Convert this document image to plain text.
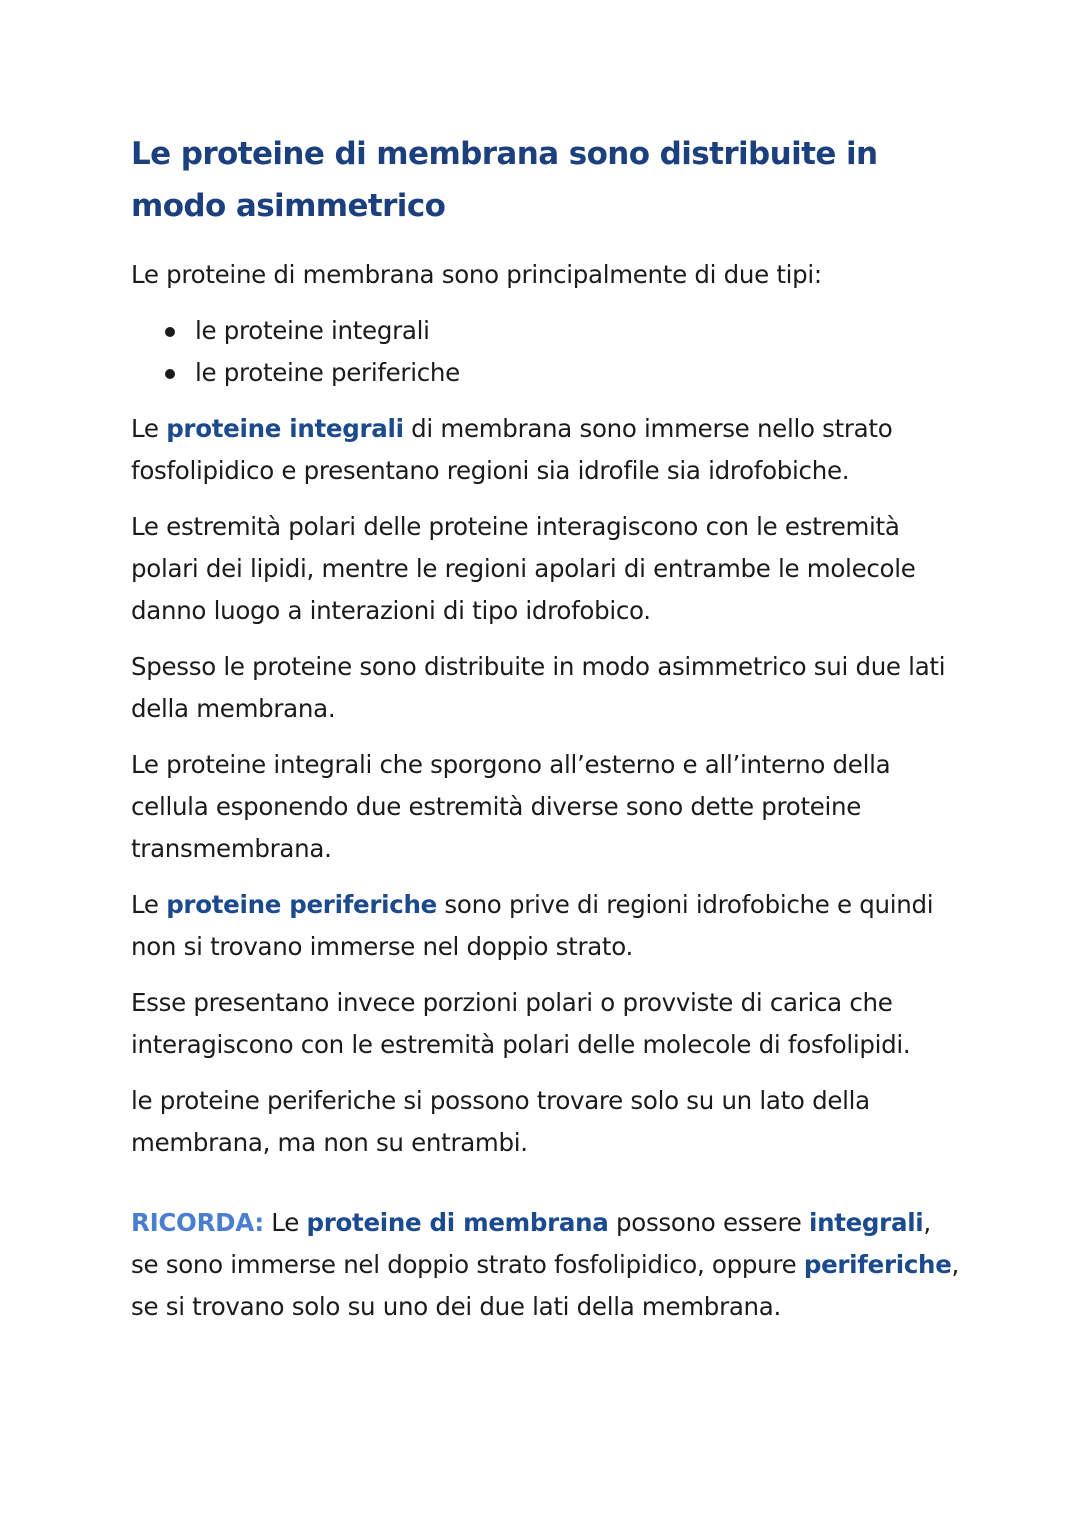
Le proteine di membrana sono distribuite in modo asimmetrico

Le proteine di membrana sono principalmente di due tipi:

le proteine integrali
le proteine periferiche

Le proteine integrali di membrana sono immerse nello strato fosfolipidico e presentano regioni sia idrofile sia idrofobiche.

Le estremità polari delle proteine interagiscono con le estremità polari dei lipidi, mentre le regioni apolari di entrambe le molecole danno luogo a interazioni di tipo idrofobico.

Spesso le proteine sono distribuite in modo asimmetrico sui due lati della membrana.

Le proteine integrali che sporgono all’esterno e all’interno della cellula esponendo due estremità diverse sono dette proteine transmembrana.

Le proteine periferiche sono prive di regioni idrofobiche e quindi non si trovano immerse nel doppio strato.

Esse presentano invece porzioni polari o provviste di carica che interagiscono con le estremità polari delle molecole di fosfolipidi.

le proteine periferiche si possono trovare solo su un lato della membrana, ma non su entrambi.

RICORDA: Le proteine di membrana possono essere integrali, se sono immerse nel doppio strato fosfolipidico, oppure periferiche, se si trovano solo su uno dei due lati della membrana.
